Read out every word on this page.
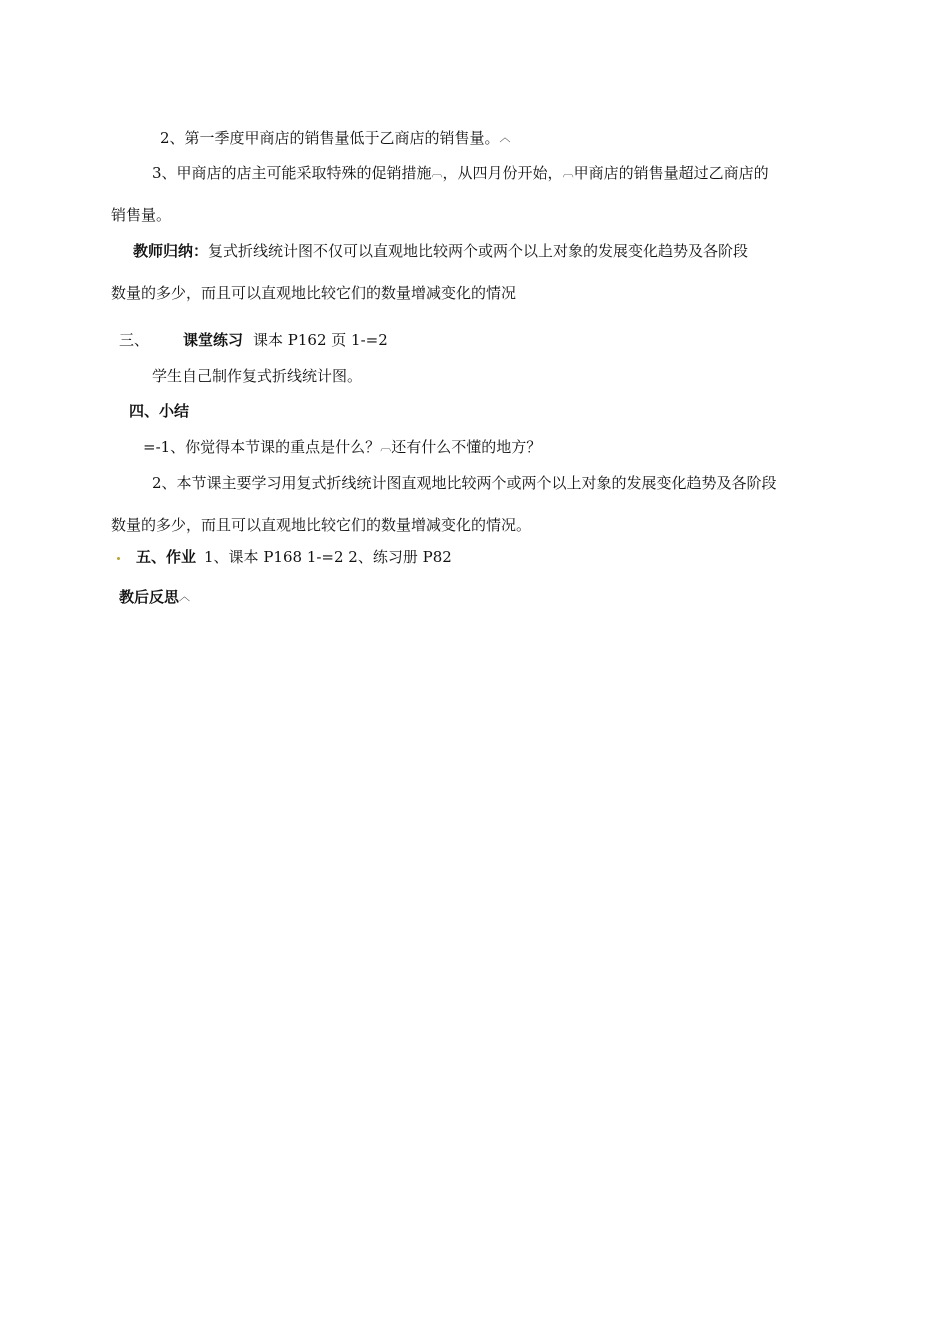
2、第一季度甲商店的销售量低于乙商店的销售量。︿
3、甲商店的店主可能采取特殊的促销措施︹，从四月份开始，︹甲商店的销售量超过乙商店的
销售量。
教师归纳：复式折线统计图不仅可以直观地比较两个或两个以上对象的发展变化趋势及各阶段
数量的多少，而且可以直观地比较它们的数量增减变化的情况
三、 课堂练习 课本 P162 页 1-=2
学生自己制作复式折线统计图。
四、小结
=-1、你觉得本节课的重点是什么？︹还有什么不懂的地方？
2、本节课主要学习用复式折线统计图直观地比较两个或两个以上对象的发展变化趋势及各阶段
数量的多少，而且可以直观地比较它们的数量增减变化的情况。
五、作业 1、课本 P168 1-=2 2、练习册 P82
教后反思︿
